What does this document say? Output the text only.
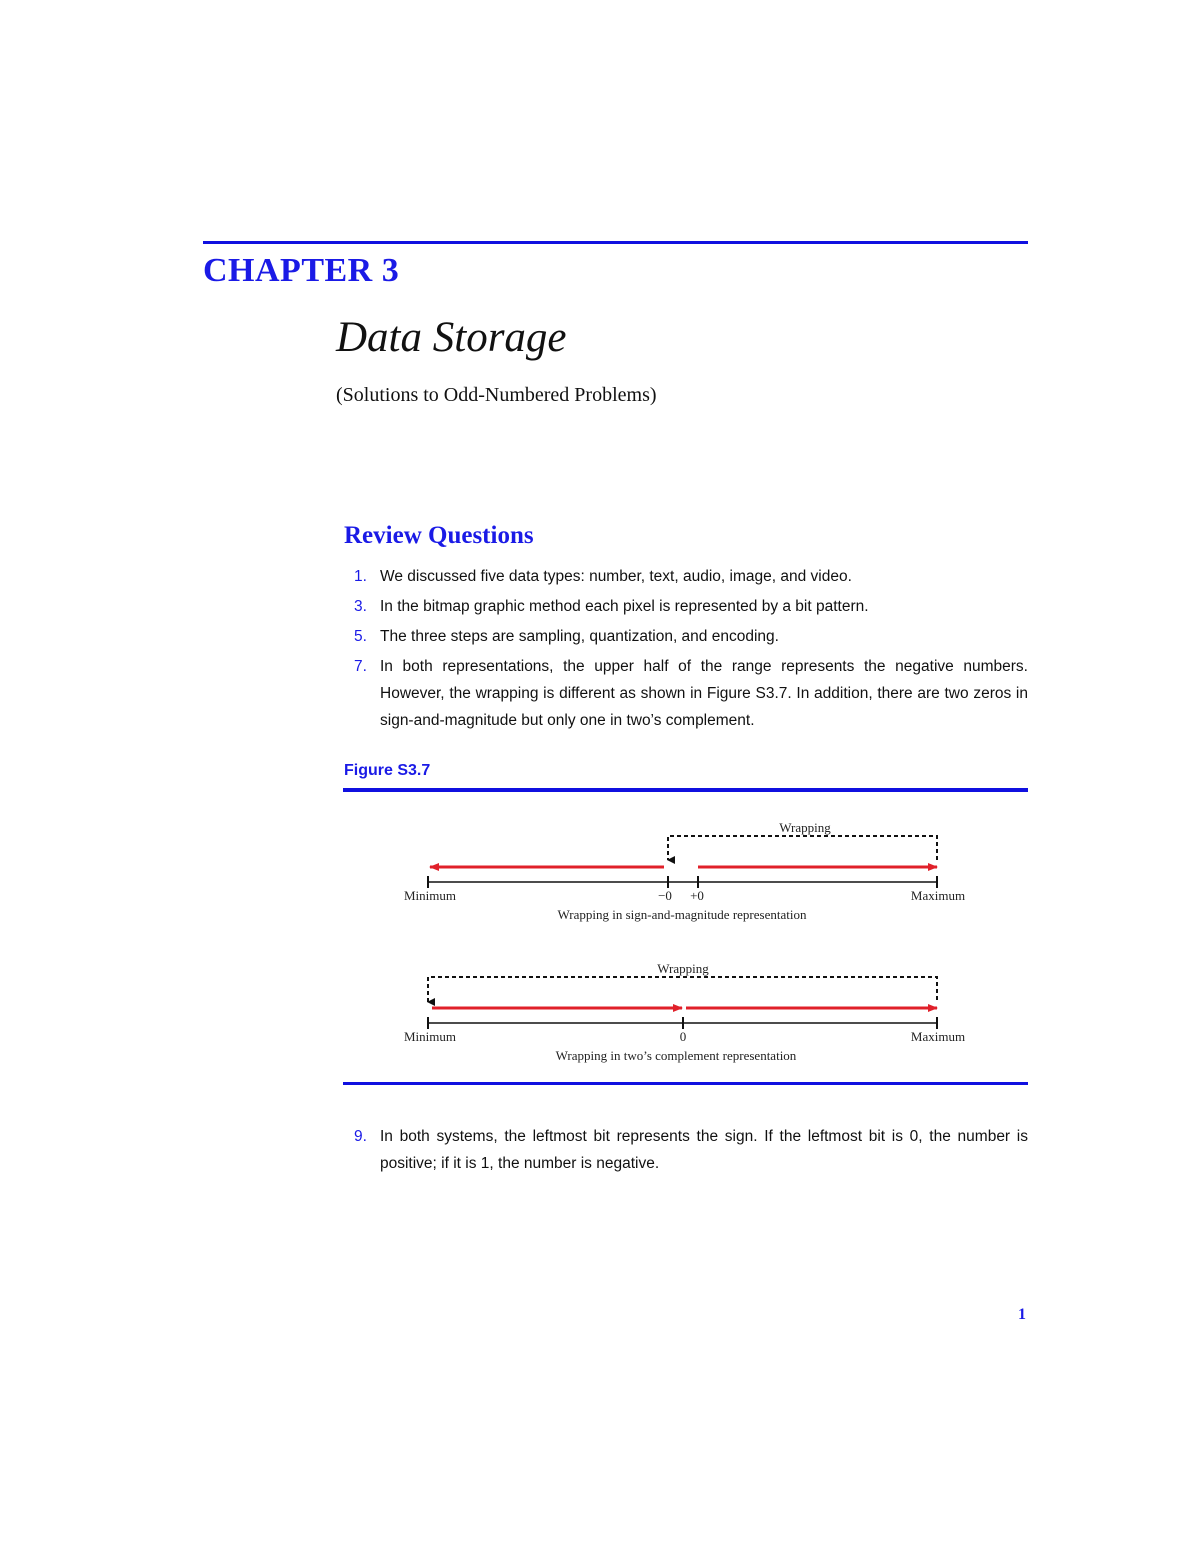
CHAPTER 3
Data Storage
(Solutions to Odd-Numbered Problems)
Review Questions
1. We discussed five data types: number, text, audio, image, and video.
3. In the bitmap graphic method each pixel is represented by a bit pattern.
5. The three steps are sampling, quantization, and encoding.
7. In both representations, the upper half of the range represents the negative numbers. However, the wrapping is different as shown in Figure S3.7. In addition, there are two zeros in sign-and-magnitude but only one in two’s complement.
Figure S3.7
Wrapping
Minimum	−0 +0	Maximum
Wrapping in sign-and-magnitude representation
Wrapping
Minimum	0	Maximum
Wrapping in two’s complement representation
9. In both systems, the leftmost bit represents the sign. If the leftmost bit is 0, the number is positive; if it is 1, the number is negative.
1
